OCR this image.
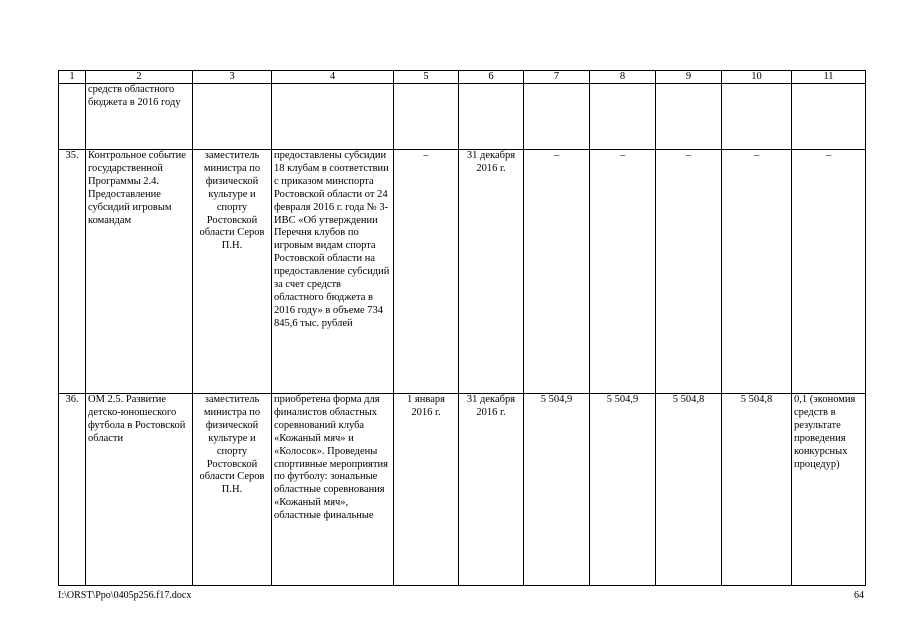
1	2	3	4	5	6	7	8	9	10	11
	средств областного бюджета в 2016 году									
35.	Контрольное событие государственной Программы 2.4. Предоставление субсидий игровым командам	заместитель министра по физической культуре и спорту Ростовской области Серов П.Н.	предоставлены субсидии 18 клубам в соответствии с приказом минспорта Ростовской области от 24 февраля 2016 г. года № 3-ИВС «Об утверждении Перечня клубов по игровым видам спорта Ростовской области на предоставление субсидий за счет средств областного бюджета в 2016 году» в объеме 734 845,6 тыс. рублей	–	31 декабря 2016 г.	–	–	–	–	–
36.	ОМ 2.5. Развитие детско-юношеского футбола в Ростовской области	заместитель министра по физической культуре и спорту Ростовской области Серов П.Н.	приобретена форма для финалистов областных соревнований клуба «Кожаный мяч» и «Колосок». Проведены спортивные мероприятия по футболу: зональные областные соревнования «Кожаный мяч», областные финальные	1 января 2016 г.	31 декабря 2016 г.	5 504,9	5 504,9	5 504,8	5 504,8	0,1 (экономия средств в результате проведения конкурсных процедур)
I:\ORST\Ppo\0405p256.f17.docx	64
